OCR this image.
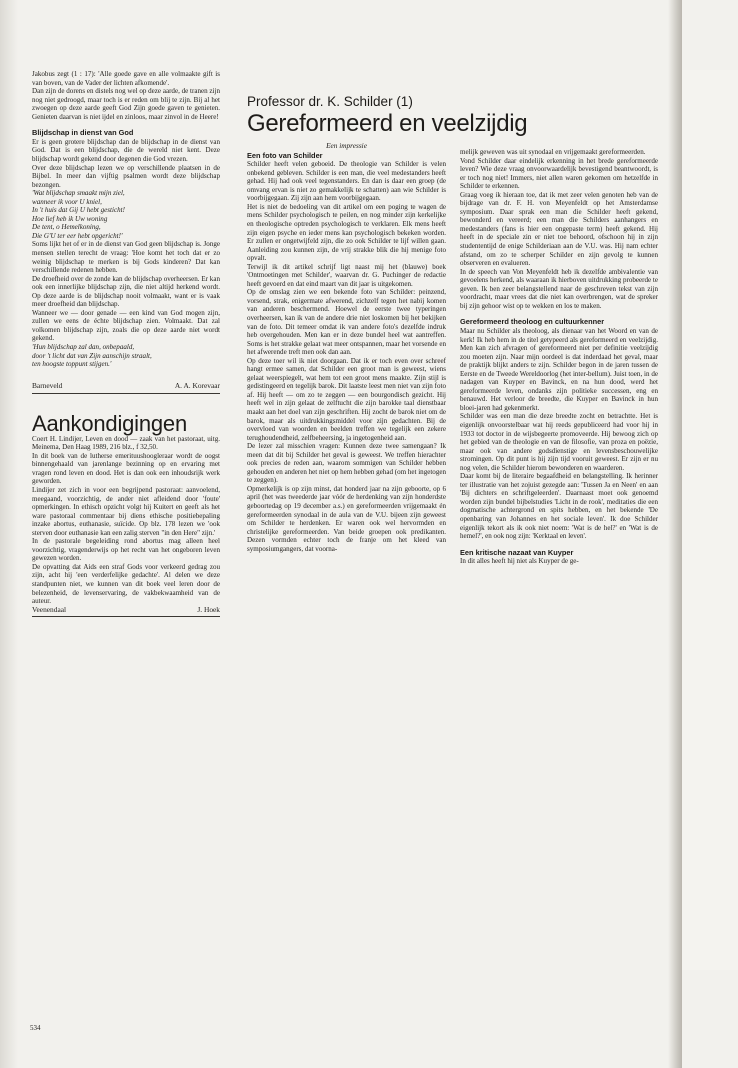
Jakobus zegt (1 : 17): 'Alle goede gave en alle volmaakte gift is van boven, van de Vader der lichten afkomende'.

Dan zijn de dorens en distels nog wel op deze aarde, de tranen zijn nog niet gedroogd, maar toch is er reden om blij te zijn. Bij al het zwoegen op deze aarde geeft God Zijn goede gaven te genieten. Genieten daarvan is niet ijdel en zinloos, maar zinvol in de Heere!

Blijdschap in dienst van God

Er is geen grotere blijdschap dan de blijdschap in de dienst van God. Dat is een blijdschap, die de wereld niet kent. Deze blijdschap wordt gekend door degenen die God vrezen.

Over deze blijdschap lezen we op verschillende plaatsen in de Bijbel. In meer dan vijftig psalmen wordt deze blijdschap bezongen.

'Wat blijdschap smaakt mijn ziel,

wanneer ik voor U kniel,

In 't huis dat Gij U hebt gesticht!

Hoe lief heb ik Uw woning

De tent, o Hemelkoning,

Die G'U ter eer hebt opgericht!'

Soms lijkt het of er in de dienst van God geen blijdschap is. Jonge mensen stellen terecht de vraag: 'Hoe komt het toch dat er zo weinig blijdschap te merken is bij Gods kinderen? Dat kan verschillende redenen hebben.

De droefheid over de zonde kan de blijdschap overheersen. Er kan ook een innerlijke blijdschap zijn, die niet altijd herkend wordt. Op deze aarde is de blijdschap nooit volmaakt, want er is vaak meer droefheid dan blijdschap.

Wanneer we — door genade — een kind van God mogen zijn, zullen we eens de échte blijdschap zien. Volmaakt. Dat zal volkomen blijdschap zijn, zoals die op deze aarde niet wordt gekend.

'Hun blijdschap zal dan, onbepaald,

door 't licht dat van Zijn aanschijn straalt,

ten hoogste toppunt stijgen.'

Barneveld	A. A. Korevaar
Aankondigingen

Coert H. Lindijer, Leven en dood — zaak van het pastoraat, uitg. Meinema, Den Haag 1989, 216 blz., f 32,50.

In dit boek van de lutherse emerituushoogleraar wordt de oogst binnengehaald van jarenlange bezinning op en ervaring met vragen rond leven en dood. Het is dan ook een inhoudsrijk werk geworden.

Lindijer zet zich in voor een begrijpend pastoraat: aanvoelend, meegaand, voorzichtig, de ander niet afleidend door 'foute' opmerkingen. In ethisch opzicht volgt hij Kuitert en geeft als het ware pastoraal commentaar bij diens ethische positiebepaling inzake abortus, euthanasie, suïcide. Op blz. 178 lezen we 'ook sterven door euthanasie kan een zalig sterven "in den Here" zijn.'

In de pastorale begeleiding rond abortus mag alleen heel voorzichtig, vragenderwijs op het recht van het ongeboren leven gewezen worden.

De opvatting dat Aids een straf Gods voor verkeerd gedrag zou zijn, acht hij 'een verderfelijke gedachte'. Al delen we deze standpunten niet, we kunnen van dit boek veel leren door de belezenheid, de levenservaring, de vakbekwaamheid van de auteur.

Veenendaal	J. Hoek
Professor dr. K. Schilder (1)
Gereformeerd en veelzijdig

Een impressie

Een foto van Schilder

Schilder heeft velen geboeid. De theologie van Schilder is velen onbekend gebleven. Schilder is een man, die veel medestanders heeft gehad. Hij had ook veel tegenstanders. En dan is daar een groep (de omvang ervan is niet zo gemakkelijk te schatten) aan wie Schilder is voorbijgegaan. Zij zijn aan hem voorbijgegaan.

Het is niet de bedoeling van dit artikel om een poging te wagen de mens Schilder psychologisch te peilen, en nog minder zijn kerkelijke en theologische optreden psychologisch te verklaren. Elk mens heeft zijn eigen psyche en ieder mens kan psychologisch bekeken worden. Er zullen er ongetwijfeld zijn, die zo ook Schilder te lijf willen gaan. Aanleiding zou kunnen zijn, de vrij strakke blik die hij menige foto opvalt.

Terwijl ik dit artikel schrijf ligt naast mij het (blauwe) boek 'Ontmoetingen met Schilder', waarvan dr. G. Puchinger de redactie heeft gevoerd en dat eind maart van dit jaar is uitgekomen.

Op de omslag zien we een bekende foto van Schilder: peinzend, vorsend, strak, enigermate afwerend, zichzelf tegen het nabij komen van anderen beschermend. Hoewel de eerste twee typeringen overheersen, kan ik van de andere drie niet loskomen bij het bekijken van de foto. Dit temeer omdat ik van andere foto's dezelfde indruk heb overgehouden. Men kan er in deze bundel heel wat aantreffen. Soms is het strakke gelaat wat meer ontspannen, maar het vorsende en het afwerende treft men ook dan aan.

Op deze toer wil ik niet doorgaan. Dat ik er toch even over schreef hangt ermee samen, dat Schilder een groot man is geweest, wiens gelaat weerspiegelt, wat hem tot een groot mens maakte. Zijn stijl is gedistingeerd en tegelijk barok. Dit laatste leest men niet van zijn foto af. Hij heeft — om zo te zeggen — een bourgondisch gezicht. Hij heeft wel in zijn gelaat de zelftucht die zijn barokke taal dienstbaar maakt aan het doel van zijn geschriften. Hij zocht de barok niet om de barok, maar als uitdrukkingsmiddel voor zijn gedachten. Bij de overvloed van woorden en beelden treffen we tegelijk een zekere terughoudendheid, zelfbeheersing, ja ingetogenheid aan.

De lezer zal misschien vragen: Kunnen deze twee samengaan? Ik meen dat dit bij Schilder het geval is geweest. We treffen hierachter ook precies de reden aan, waarom sommigen van Schilder hebben gehouden en anderen het niet op hem hebben gehad (om het ingetogen te zeggen).

Opmerkelijk is op zijn minst, dat honderd jaar na zijn geboorte, op 6 april (het was tweederde jaar vóór de herdenking van zijn honderdste geboortedag op 19 december a.s.) en gereformeerden vrijgemaakt én gereformeerden synodaal in de aula van de V.U. bijeen zijn geweest om Schilder te herdenken. Er waren ook wel hervormden en christelijke gereformeerden. Van beide groepen ook predikanten. Dezen vormden echter toch de franje om het kleed van symposiumgangers, dat voorna-

melijk geweven was uit synodaal en vrijgemaakt gereformeerden.

Vond Schilder daar eindelijk erkenning in het brede gereformeerde leven? Wie deze vraag onvoorwaardelijk bevestigend beantwoordt, is er toch nog niet! Immers, niet allen waren gekomen om hetzelfde in Schilder te erkennen.

Graag voeg ik hieraan toe, dat ik met zeer velen genoten heb van de bijdrage van dr. F. H. von Meyenfeldt op het Amsterdamse symposium. Daar sprak een man die Schilder heeft gekend, bewonderd en vereerd; een man die Schilders aanhangers en medestanders (fans is hier een ongepaste term) heeft gekend. Hij heeft in de speciale zin er niet toe behoord, ofschoon hij in zijn studententijd de enige Schilderiaan aan de V.U. was. Hij nam echter afstand, om zo te scherper Schilder en zijn gevolg te kunnen observeren en evalueren.

In de speech van Von Meyenfeldt heb ik dezelfde ambivalentie van gevoelens herkend, als waaraan ik hierboven uitdrukking probeerde te geven. Ik ben zeer belangstellend naar de geschreven tekst van zijn voordracht, maar vrees dat die niet kan overbrengen, wat de spreker bij zijn gehoor wist op te wekken en los te maken.

Gereformeerd theoloog en cultuurkenner

Maar nu Schilder als theoloog, als dienaar van het Woord en van de kerk! Ik heb hem in de titel getypeerd als gereformeerd en veelzijdig. Men kan zich afvragen of gereformeerd niet per definitie veelzijdig zou moeten zijn. Naar mijn oordeel is dat inderdaad het geval, maar de praktijk blijkt anders te zijn. Schilder begon in de jaren tussen de Eerste en de Tweede Wereldoorlog (het inter-bellum). Juist toen, in de nadagen van Kuyper en Bavinck, en na hun dood, werd het gereformeerde leven, ondanks zijn politieke successen, eng en benauwd. Het verloor de breedte, die Kuyper en Bavinck in hun bloei-jaren had gekenmerkt.

Schilder was een man die deze breedte zocht en betrachtte. Het is eigenlijk onvoorstelbaar wat hij reeds gepubliceerd had voor hij in 1933 tot doctor in de wijsbegeerte promoveerde. Hij bewoog zich op het gebied van de theologie en van de filosofie, van proza en poëzie, maar ook van andere godsdienstige en levensbeschouwelijke stromingen. Op dit punt is hij zijn tijd vooruit geweest. Er zijn er nu nog velen, die Schilder hierom bewonderen en waarderen.

Daar komt bij de literaire begaafdheid en belangstelling. Ik herinner ter illustratie van het zojuist gezegde aan: 'Tussen Ja en Neen' en aan 'Bij dichters en schriftgeleerden'. Daarnaast moet ook genoemd worden zijn bundel bijbelstudies 'Licht in de rook', meditaties die een dogmatische achtergrond en spits hebben, en het bekende 'De openbaring van Johannes en het sociale leven'. Ik doe Schilder eigenlijk tekort als ik ook niet noem: 'Wat is de hel?' en 'Wat is de hemel?', en ook nog zijn: 'Kerktaal en leven'.

Een kritische nazaat van Kuyper

In dit alles heeft hij niet als Kuyper de ge-

534
